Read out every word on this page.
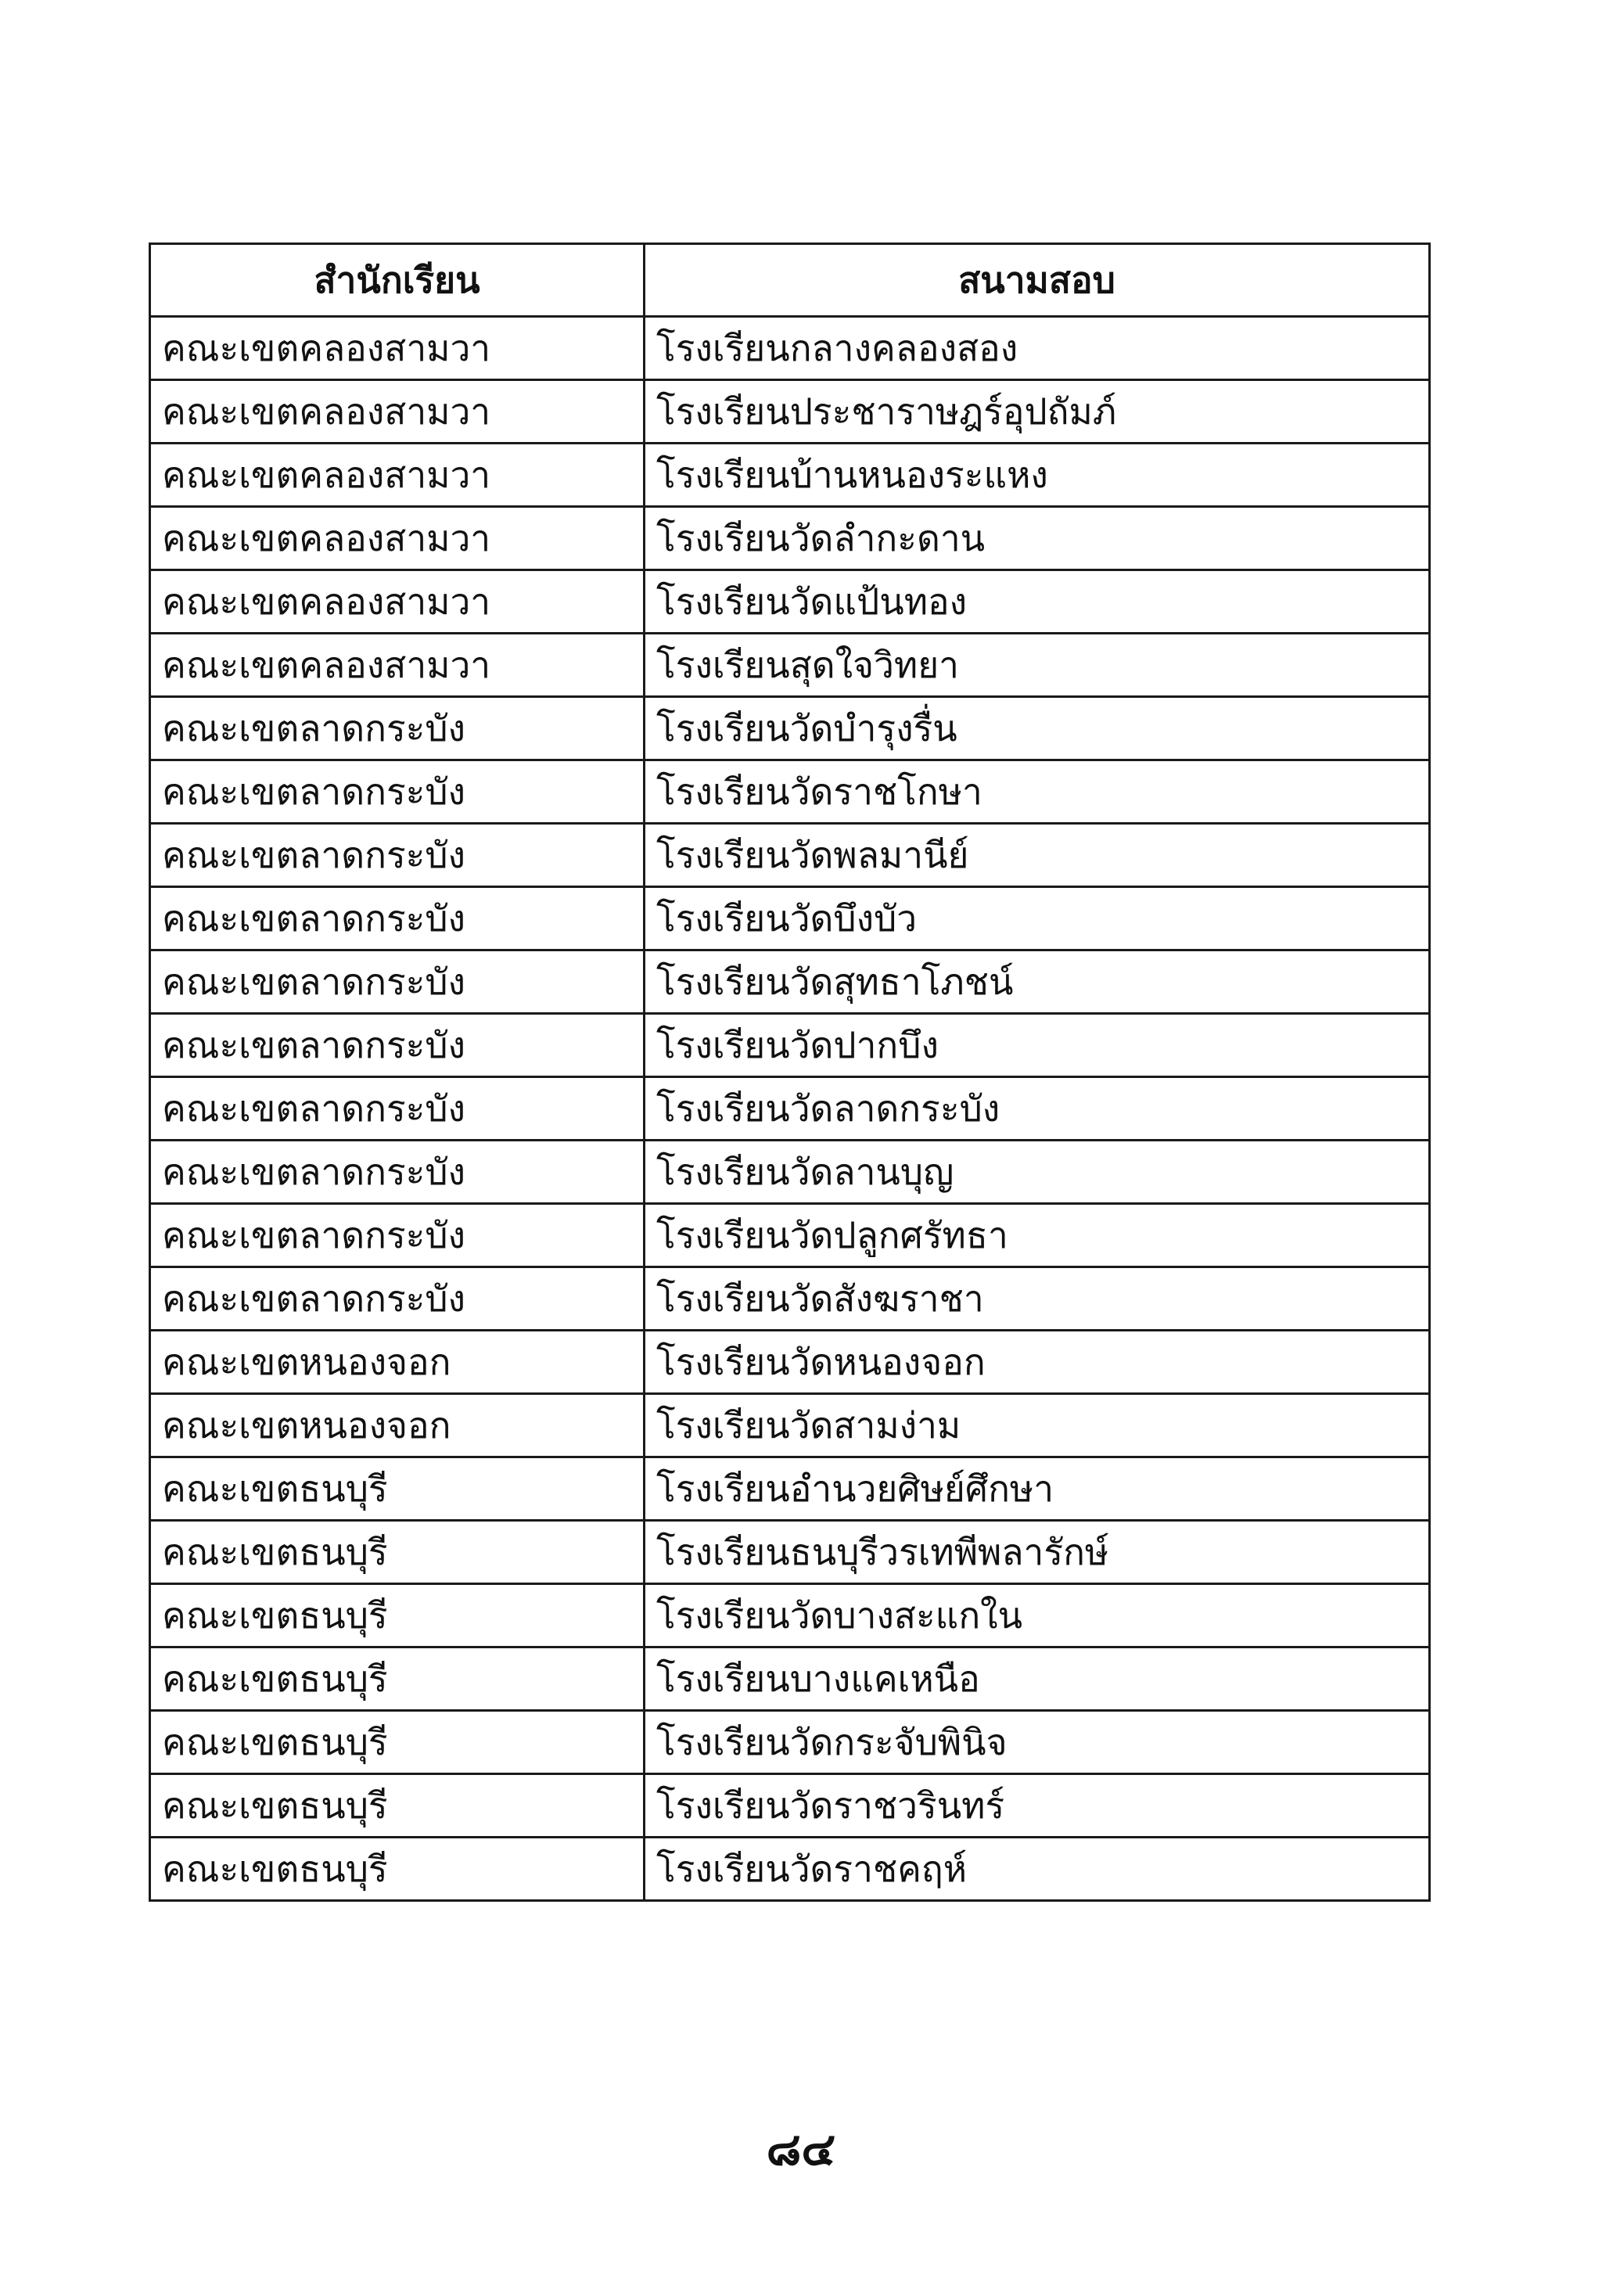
สำนักเรียน	สนามสอบ
คณะเขตคลองสามวา	โรงเรียนกลางคลองสอง
คณะเขตคลองสามวา	โรงเรียนประชาราษฎร์อุปถัมภ์
คณะเขตคลองสามวา	โรงเรียนบ้านหนองระแหง
คณะเขตคลองสามวา	โรงเรียนวัดลำกะดาน
คณะเขตคลองสามวา	โรงเรียนวัดแป้นทอง
คณะเขตคลองสามวา	โรงเรียนสุดใจวิทยา
คณะเขตลาดกระบัง	โรงเรียนวัดบำรุงรื่น
คณะเขตลาดกระบัง	โรงเรียนวัดราชโกษา
คณะเขตลาดกระบัง	โรงเรียนวัดพลมานีย์
คณะเขตลาดกระบัง	โรงเรียนวัดบึงบัว
คณะเขตลาดกระบัง	โรงเรียนวัดสุทธาโภชน์
คณะเขตลาดกระบัง	โรงเรียนวัดปากบึง
คณะเขตลาดกระบัง	โรงเรียนวัดลาดกระบัง
คณะเขตลาดกระบัง	โรงเรียนวัดลานบุญ
คณะเขตลาดกระบัง	โรงเรียนวัดปลูกศรัทธา
คณะเขตลาดกระบัง	โรงเรียนวัดสังฆราชา
คณะเขตหนองจอก	โรงเรียนวัดหนองจอก
คณะเขตหนองจอก	โรงเรียนวัดสามง่าม
คณะเขตธนบุรี	โรงเรียนอำนวยศิษย์ศึกษา
คณะเขตธนบุรี	โรงเรียนธนบุรีวรเทพีพลารักษ์
คณะเขตธนบุรี	โรงเรียนวัดบางสะแกใน
คณะเขตธนบุรี	โรงเรียนบางแคเหนือ
คณะเขตธนบุรี	โรงเรียนวัดกระจับพินิจ
คณะเขตธนบุรี	โรงเรียนวัดราชวรินทร์
คณะเขตธนบุรี	โรงเรียนวัดราชคฤห์
๘๔
